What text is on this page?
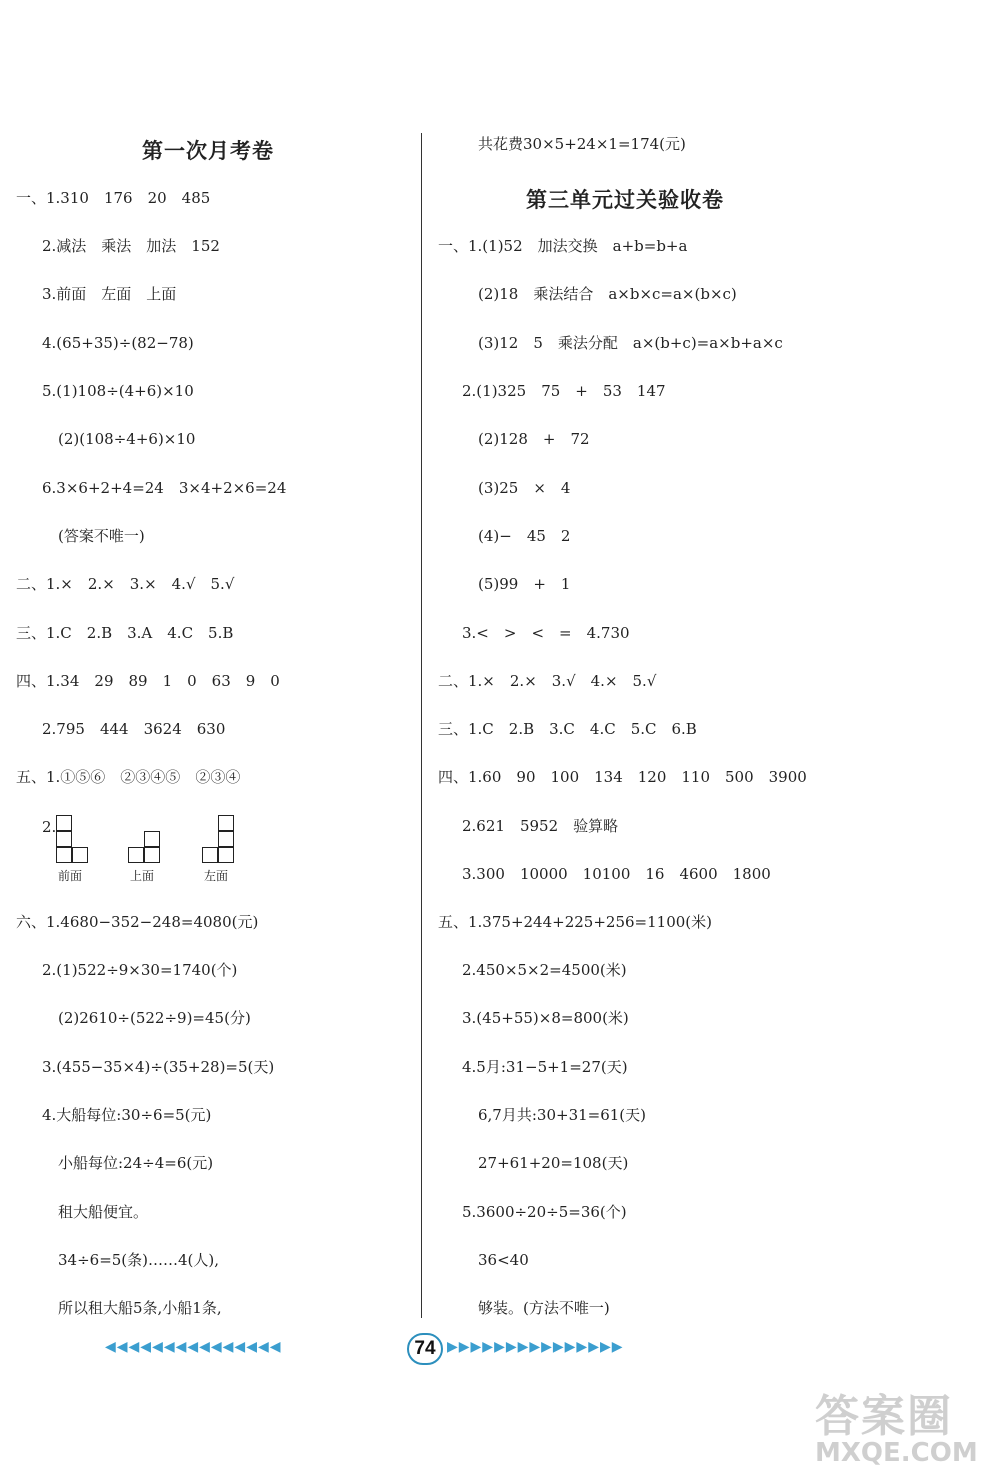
第一次月考卷
一、1.310　176　20　485
2.减法　乘法　加法　152
3.前面　左面　上面
4.(65+35)÷(82−78)
5.(1)108÷(4+6)×10
(2)(108÷4+6)×10
6.3×6+2+4=24　3×4+2×6=24
(答案不唯一)
二、1.×　2.×　3.×　4.√　5.√
三、1.C　2.B　3.A　4.C　5.B
四、1.34　29　89　1　0　63　9　0
2.795　444　3624　630
五、1.①⑤⑥　②③④⑤　②③④
2.
前面	上面	左面
六、1.4680−352−248=4080(元)
2.(1)522÷9×30=1740(个)
(2)2610÷(522÷9)=45(分)
3.(455−35×4)÷(35+28)=5(天)
4.大船每位:30÷6=5(元)
小船每位:24÷4=6(元)
租大船便宜。
34÷6=5(条)……4(人),
所以租大船5条,小船1条,
共花费30×5+24×1=174(元)
第三单元过关验收卷
一、1.(1)52　加法交换　a+b=b+a
(2)18　乘法结合　a×b×c=a×(b×c)
(3)12　5　乘法分配　a×(b+c)=a×b+a×c
2.(1)325　75　+　53　147
(2)128　+　72
(3)25　×　4
(4)−　45　2
(5)99　+　1
3.<　>　<　=　4.730
二、1.×　2.×　3.√　4.×　5.√
三、1.C　2.B　3.C　4.C　5.C　6.B
四、1.60　90　100　134　120　110　500　3900
2.621　5952　验算略
3.300　10000　10100　16　4600　1800
五、1.375+244+225+256=1100(米)
2.450×5×2=4500(米)
3.(45+55)×8=800(米)
4.5月:31−5+1=27(天)
6,7月共:30+31=61(天)
27+61+20=108(天)
5.3600÷20÷5=36(个)
36<40
够装。(方法不唯一)
◀◀◀◀◀◀◀◀◀◀◀◀◀◀◀	74 ▶▶▶▶▶▶▶▶▶▶▶▶▶▶▶
答案圈
MXQE.COM
